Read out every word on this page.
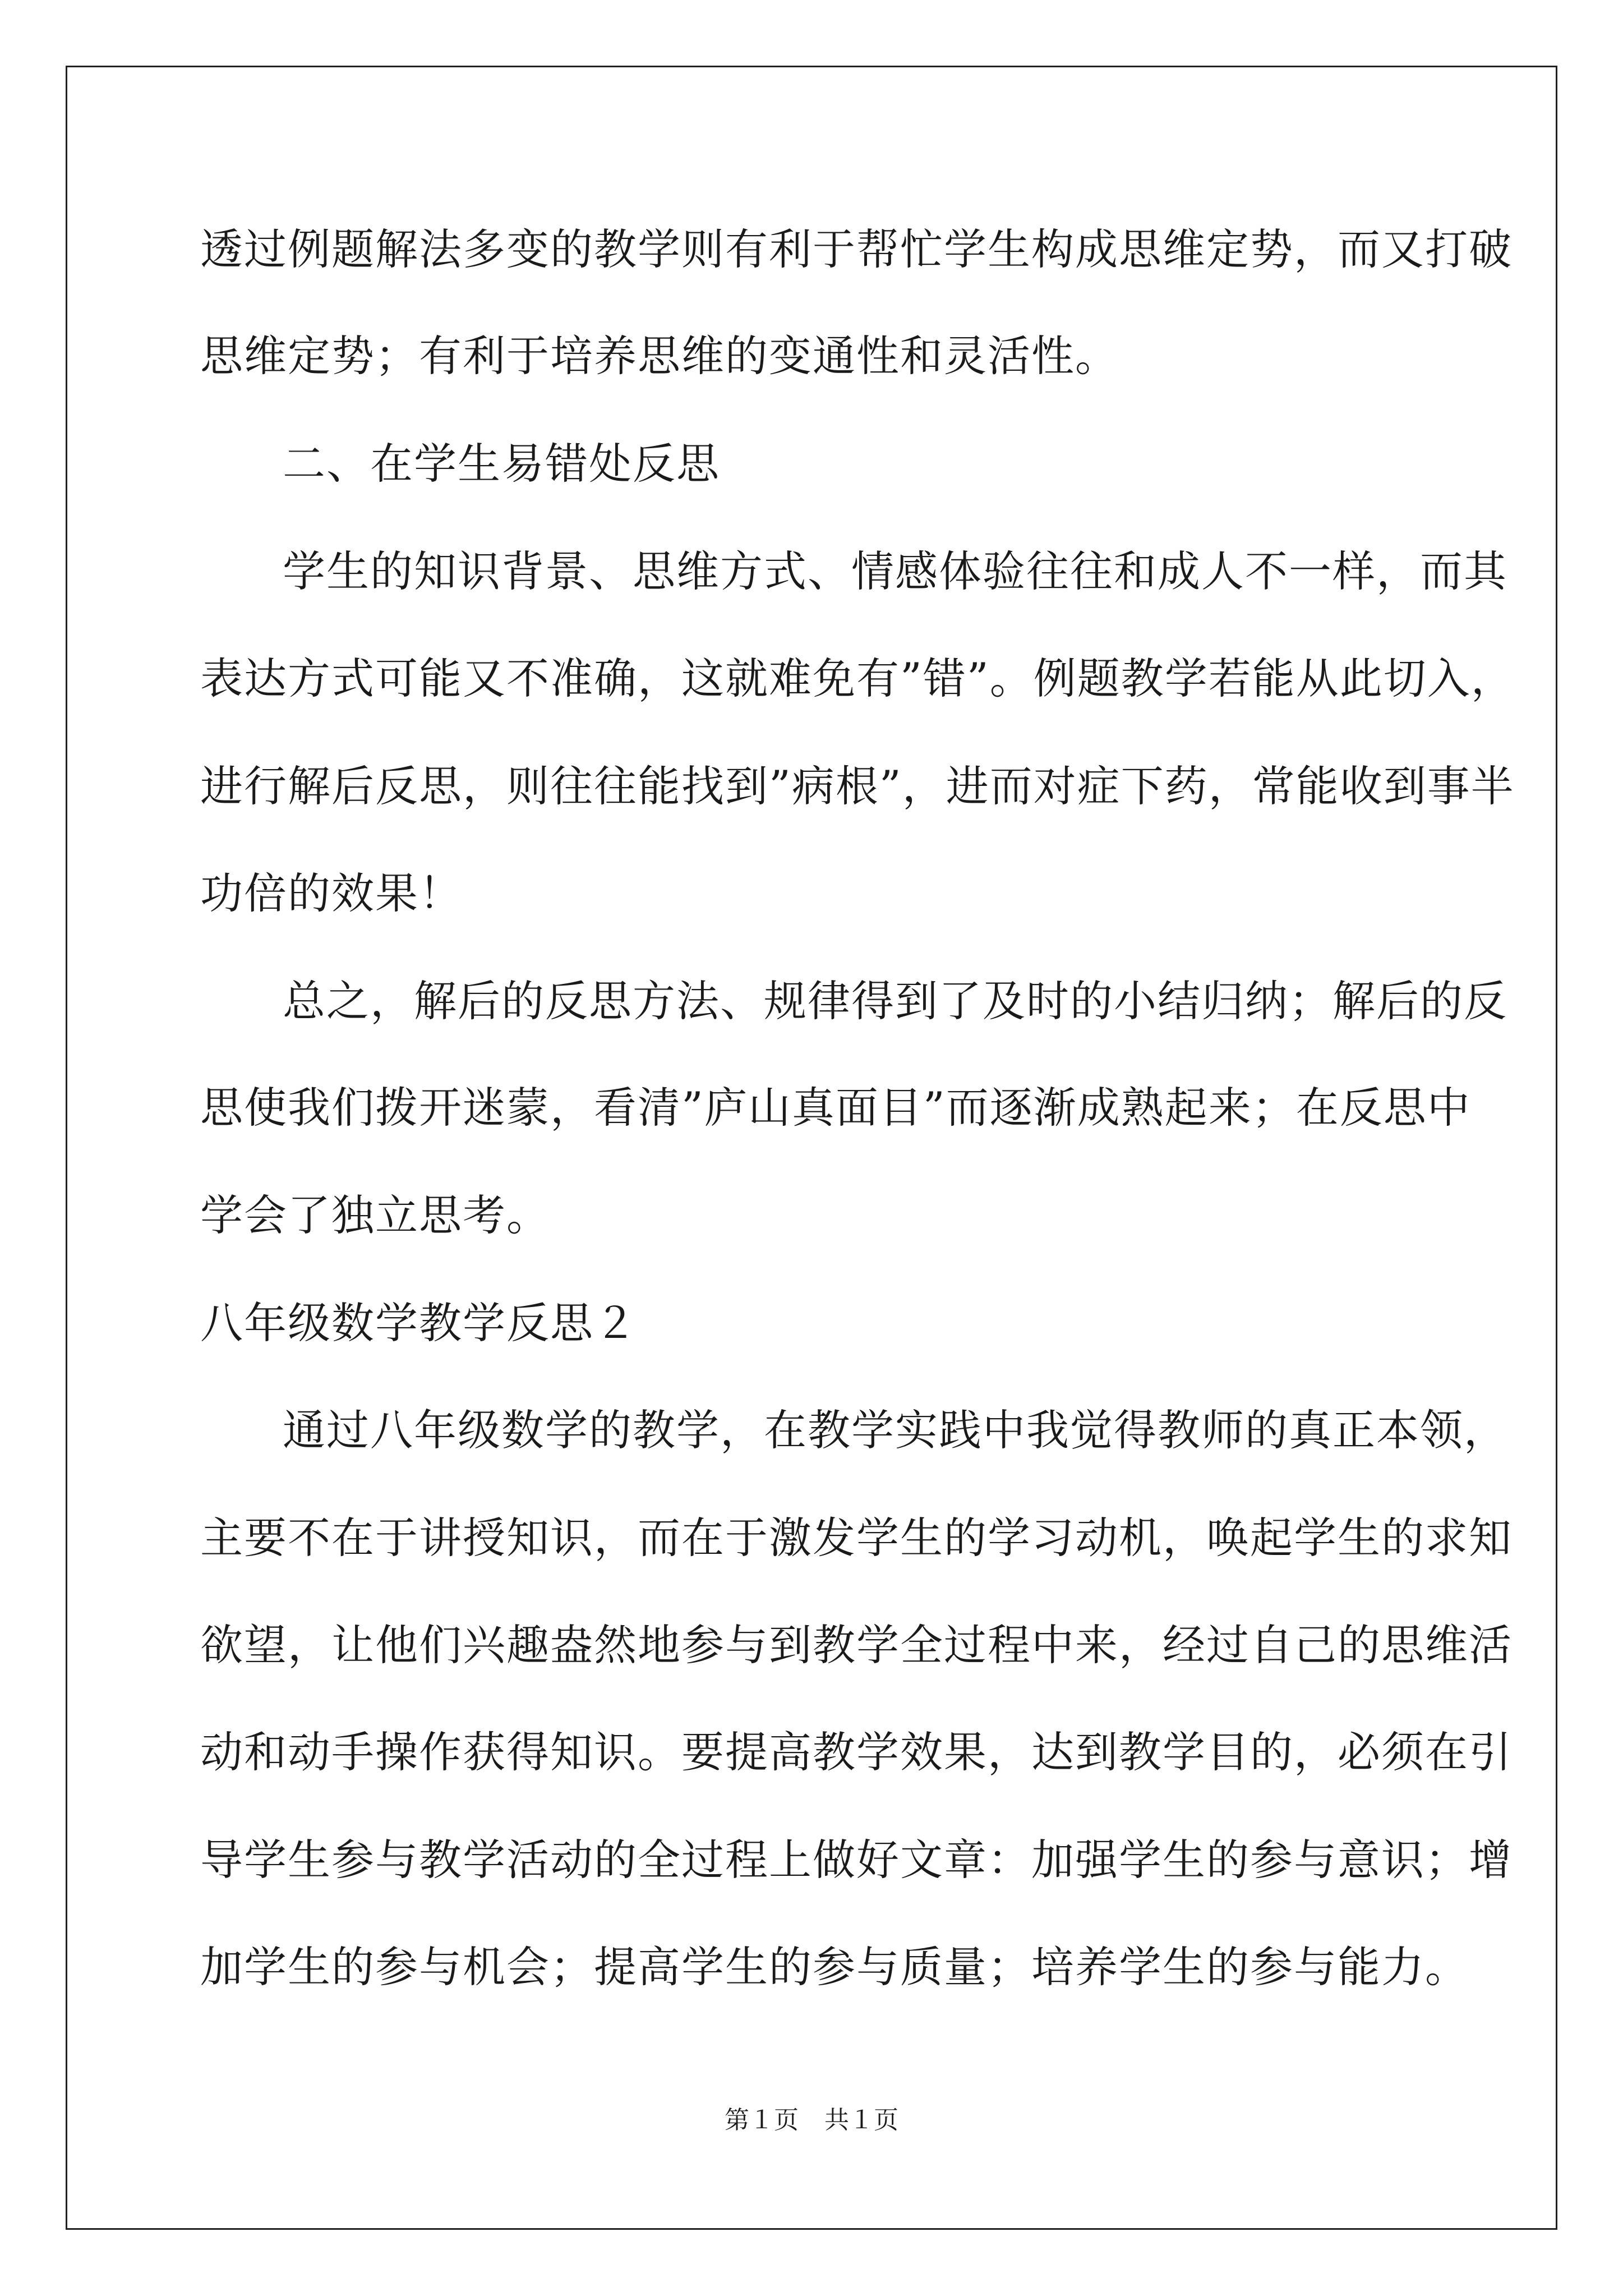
透过例题解法多变的教学则有利于帮忙学生构成思维定势，而又打破
思维定势；有利于培养思维的变通性和灵活性。
二、在学生易错处反思
学生的知识背景、思维方式、情感体验往往和成人不一样，而其
表达方式可能又不准确，这就难免有”错”。例题教学若能从此切入，
进行解后反思，则往往能找到”病根”，进而对症下药，常能收到事半
功倍的效果！
总之，解后的反思方法、规律得到了及时的小结归纳；解后的反
思使我们拨开迷蒙，看清”庐山真面目”而逐渐成熟起来；在反思中
学会了独立思考。
八年级数学教学反思２
通过八年级数学的教学，在教学实践中我觉得教师的真正本领，
主要不在于讲授知识，而在于激发学生的学习动机，唤起学生的求知
欲望，让他们兴趣盎然地参与到教学全过程中来，经过自己的思维活
动和动手操作获得知识。要提高教学效果，达到教学目的，必须在引
导学生参与教学活动的全过程上做好文章：加强学生的参与意识；增
加学生的参与机会；提高学生的参与质量；培养学生的参与能力。
第１页 共１页
